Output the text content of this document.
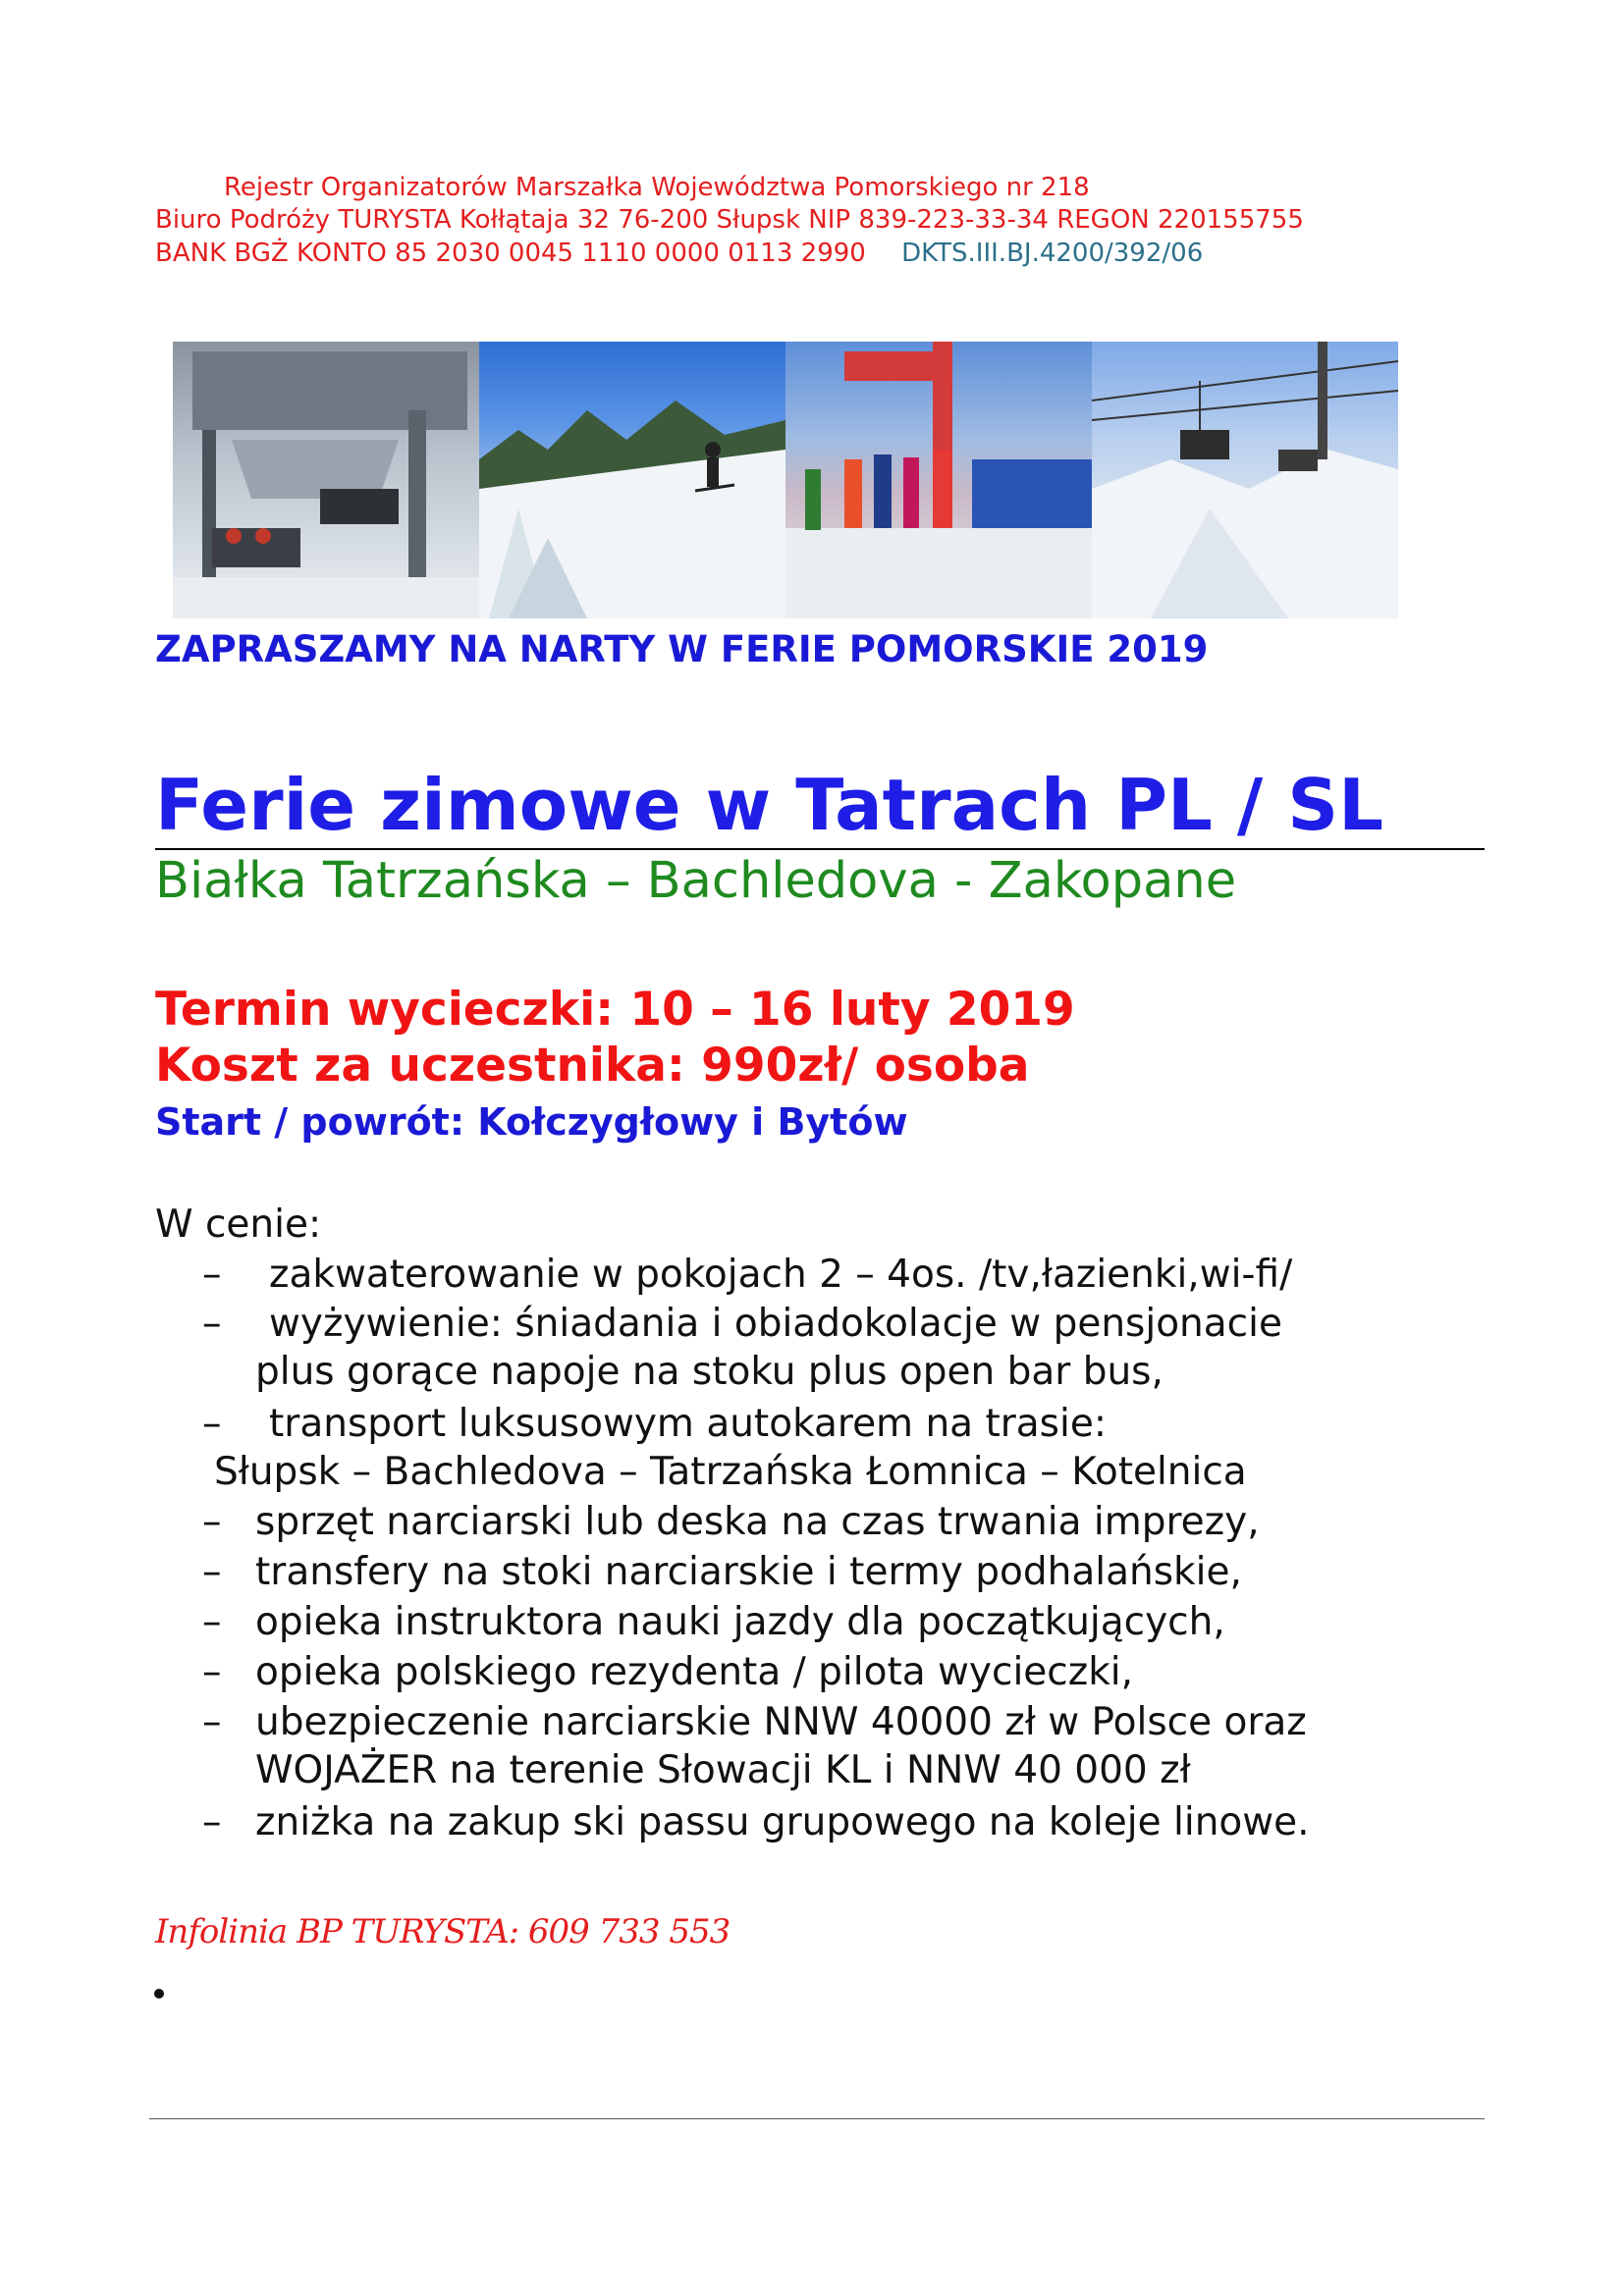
Rejestr Organizatorów Marszałka Województwa Pomorskiego nr 218
Biuro Podróży TURYSTA Kołłątaja 32 76-200 Słupsk NIP 839-223-33-34 REGON 220155755
BANK BGŻ KONTO 85 2030 0045 1110 0000 0113 2990 DKTS.III.BJ.4200/392/06
ZAPRASZAMY NA NARTY W FERIE POMORSKIE 2019
Ferie zimowe w Tatrach PL / SL
Białka Tatrzańska – Bachledova - Zakopane
Termin wycieczki: 10 – 16 luty 2019
Koszt za uczestnika: 990zł/ osoba
Start / powrót: Kołczygłowy i Bytów
W cenie:
– zakwaterowanie w pokojach 2 – 4os. /tv,łazienki,wi-fi/
– wyżywienie: śniadania i obiadokolacje w pensjonacie
plus gorące napoje na stoku plus open bar bus,
– transport luksusowym autokarem na trasie:
Słupsk – Bachledova – Tatrzańska Łomnica – Kotelnica
– sprzęt narciarski lub deska na czas trwania imprezy,
– transfery na stoki narciarskie i termy podhalańskie,
– opieka instruktora nauki jazdy dla początkujących,
– opieka polskiego rezydenta / pilota wycieczki,
– ubezpieczenie narciarskie NNW 40000 zł w Polsce oraz
WOJAŻER na terenie Słowacji KL i NNW 40 000 zł
– zniżka na zakup ski passu grupowego na koleje linowe.
Infolinia BP TURYSTA: 609 733 553
